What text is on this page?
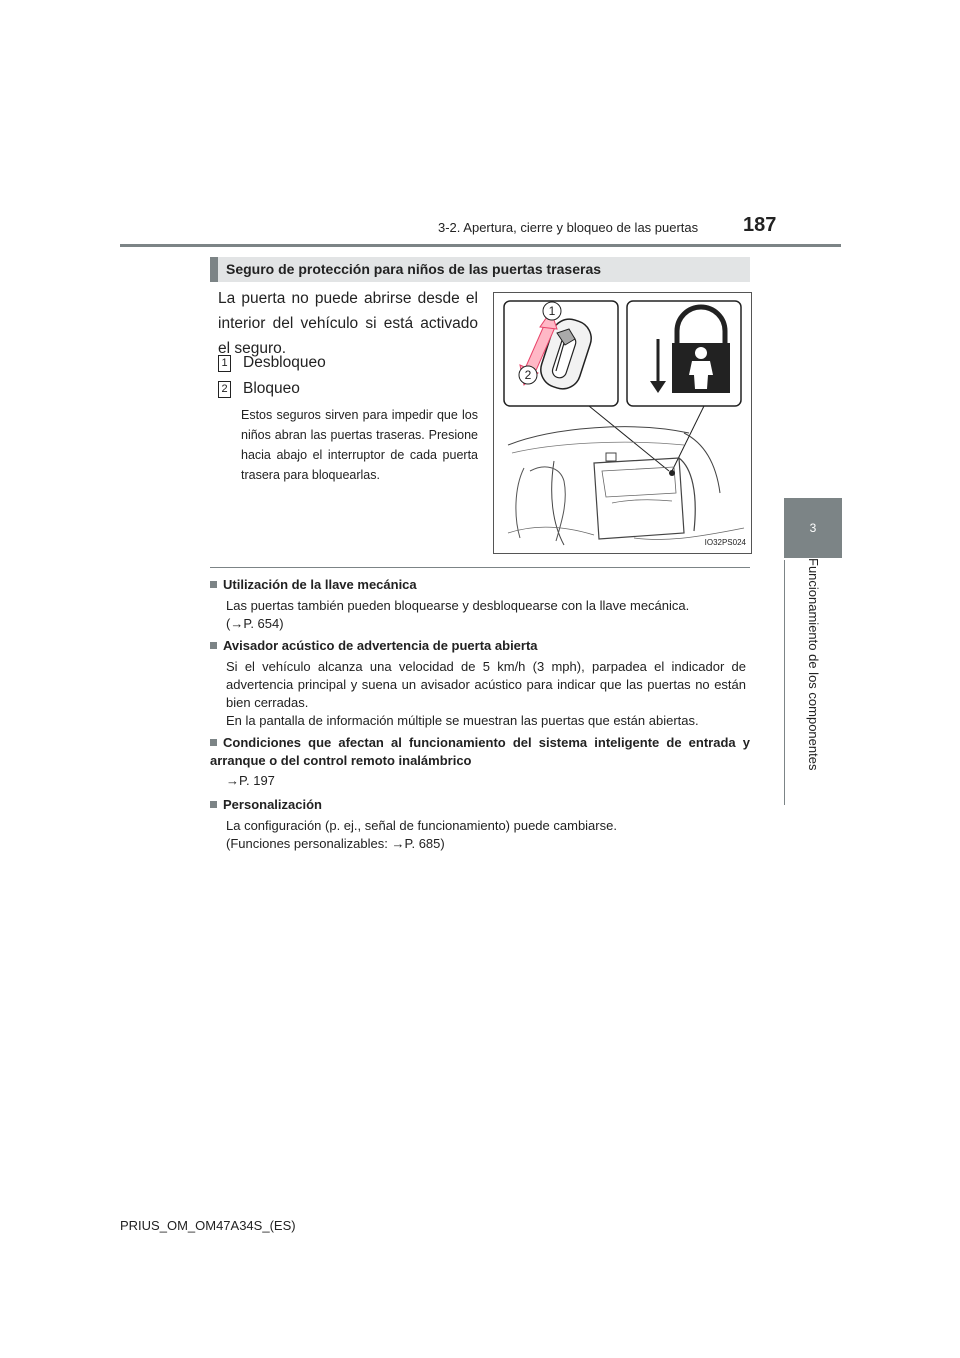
3-2. Apertura, cierre y bloqueo de las puertas 187
3
Funcionamiento de los componentes
Seguro de protección para niños de las puertas traseras
La puerta no puede abrirse desde el interior del vehículo si está activado el seguro.
1 Desbloqueo
2 Bloqueo
Estos seguros sirven para impedir que los niños abran las puertas traseras. Presione hacia abajo el interruptor de cada puerta trasera para bloquearlas.
1
2
IO32PS024
Utilización de la llave mecánica
Las puertas también pueden bloquearse y desbloquearse con la llave mecánica.
(→P. 654)
Avisador acústico de advertencia de puerta abierta
Si el vehículo alcanza una velocidad de 5 km/h (3 mph), parpadea el indicador de advertencia principal y suena un avisador acústico para indicar que las puertas no están bien cerradas.
En la pantalla de información múltiple se muestran las puertas que están abiertas.
Condiciones que afectan al funcionamiento del sistema inteligente de entrada y arranque o del control remoto inalámbrico
→P. 197
Personalización
La configuración (p. ej., señal de funcionamiento) puede cambiarse.
(Funciones personalizables: →P. 685)
PRIUS_OM_OM47A34S_(ES)
